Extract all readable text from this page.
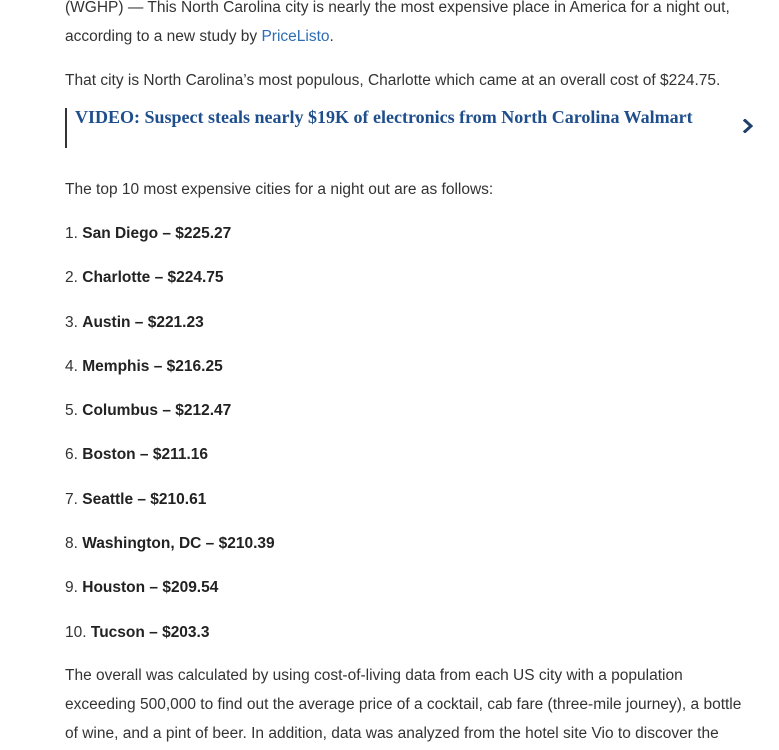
(WGHP) — This North Carolina city is nearly the most expensive place in America for a night out, according to a new study by PriceListo.

That city is North Carolina’s most populous, Charlotte which came at an overall cost of $224.75.

VIDEO: Suspect steals nearly $19K of electronics from North Carolina Walmart

The top 10 most expensive cities for a night out are as follows:

1. San Diego – $225.27
2. Charlotte – $224.75
3. Austin – $221.23
4. Memphis – $216.25
5. Columbus – $212.47
6. Boston – $211.16
7. Seattle – $210.61
8. Washington, DC – $210.39
9. Houston – $209.54
10. Tucson – $203.3

The overall was calculated by using cost-of-living data from each US city with a population exceeding 500,000 to find out the average price of a cocktail, cab fare (three-mile journey), a bottle of wine, and a pint of beer. In addition, data was analyzed from the hotel site Vio to discover the
